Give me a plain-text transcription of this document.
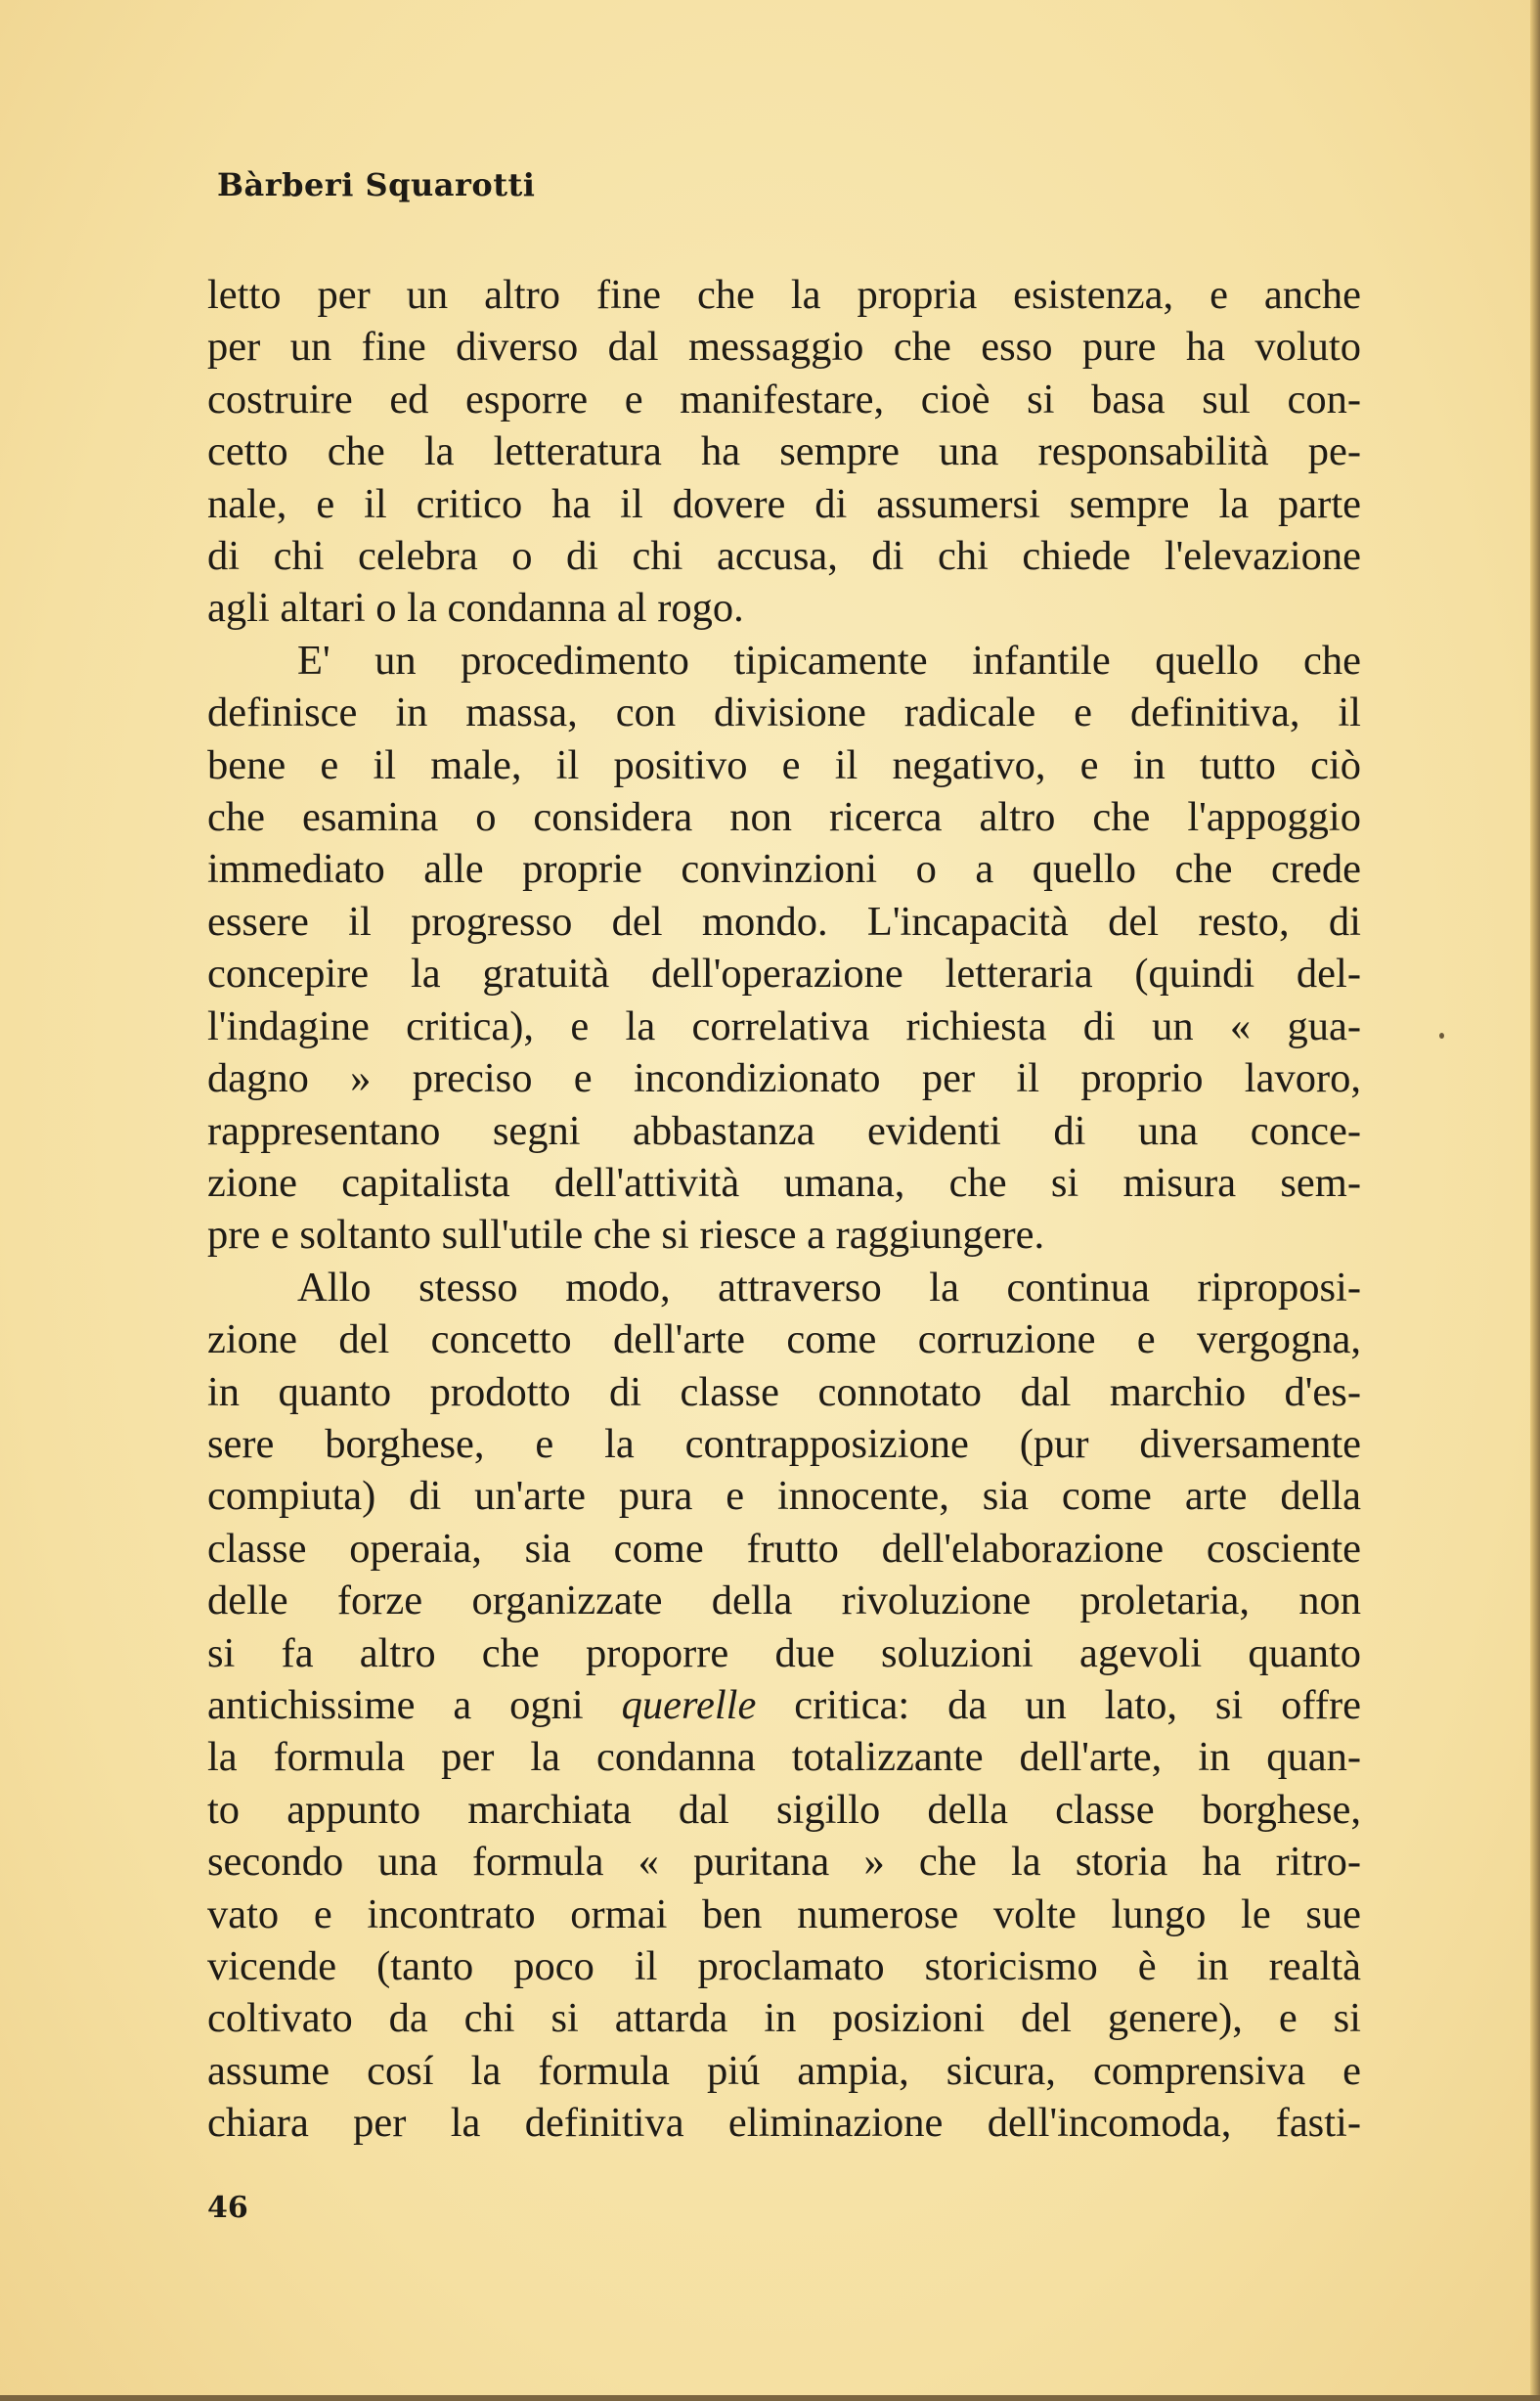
Bàrberi Squarotti
letto per un altro fine che la propria esistenza, e anche
per un fine diverso dal messaggio che esso pure ha voluto
costruire ed esporre e manifestare, cioè si basa sul con-
cetto che la letteratura ha sempre una responsabilità pe-
nale, e il critico ha il dovere di assumersi sempre la parte
di chi celebra o di chi accusa, di chi chiede l'elevazione
agli altari o la condanna al rogo.
E' un procedimento tipicamente infantile quello che
definisce in massa, con divisione radicale e definitiva, il
bene e il male, il positivo e il negativo, e in tutto ciò
che esamina o considera non ricerca altro che l'appoggio
immediato alle proprie convinzioni o a quello che crede
essere il progresso del mondo. L'incapacità del resto, di
concepire la gratuità dell'operazione letteraria (quindi del-
l'indagine critica), e la correlativa richiesta di un « gua-
dagno » preciso e incondizionato per il proprio lavoro,
rappresentano segni abbastanza evidenti di una conce-
zione capitalista dell'attività umana, che si misura sem-
pre e soltanto sull'utile che si riesce a raggiungere.
Allo stesso modo, attraverso la continua riproposi-
zione del concetto dell'arte come corruzione e vergogna,
in quanto prodotto di classe connotato dal marchio d'es-
sere borghese, e la contrapposizione (pur diversamente
compiuta) di un'arte pura e innocente, sia come arte della
classe operaia, sia come frutto dell'elaborazione cosciente
delle forze organizzate della rivoluzione proletaria, non
si fa altro che proporre due soluzioni agevoli quanto
antichissime a ogni querelle critica: da un lato, si offre
la formula per la condanna totalizzante dell'arte, in quan-
to appunto marchiata dal sigillo della classe borghese,
secondo una formula « puritana » che la storia ha ritro-
vato e incontrato ormai ben numerose volte lungo le sue
vicende (tanto poco il proclamato storicismo è in realtà
coltivato da chi si attarda in posizioni del genere), e si
assume cosí la formula piú ampia, sicura, comprensiva e
chiara per la definitiva eliminazione dell'incomoda, fasti-
46
